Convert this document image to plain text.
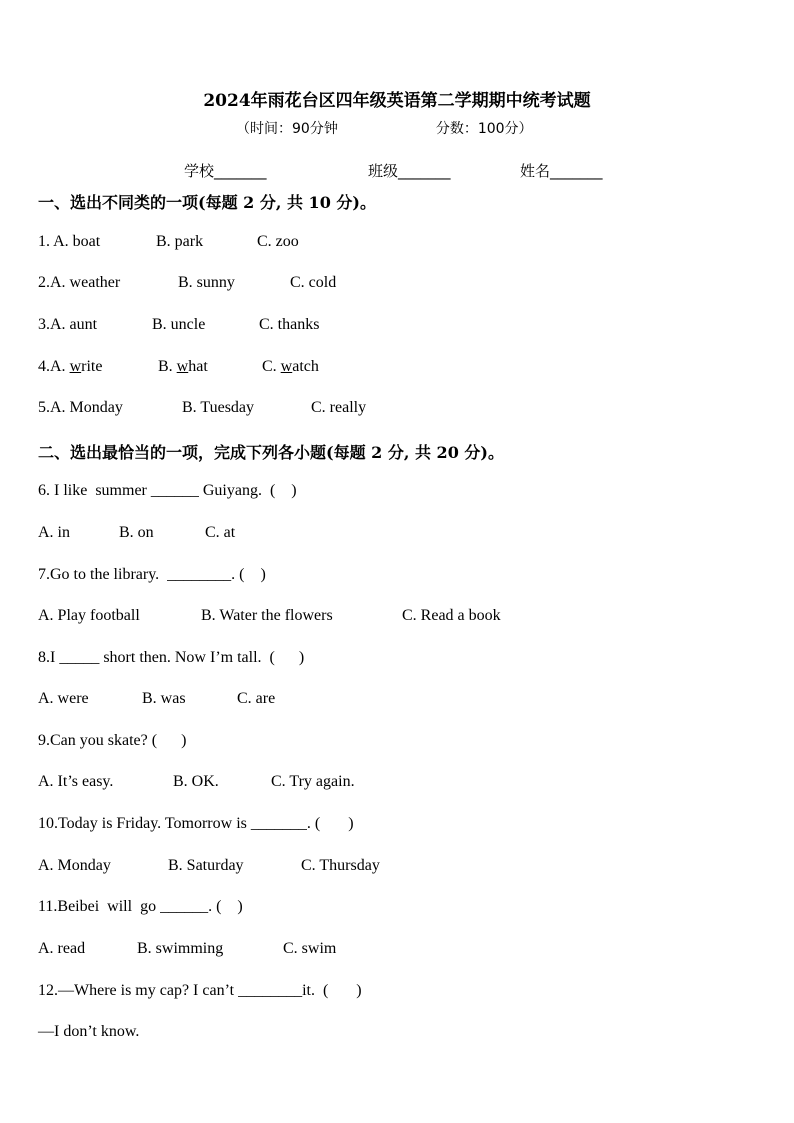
2024年雨花台区四年级英语第二学期期中统考试题
（时间：90分钟	分数：100分）
学校_______	班级_______	姓名_______
一、选出不同类的一项(每题 2 分, 共 10 分)。
1. A. boat	B. park	C. zoo
2.A. weather	B. sunny	C. cold
3.A. aunt	B. uncle	C. thanks
4.A. write	B. what	C. watch
5.A. Monday	B. Tuesday	C. really
二、选出最恰当的一项，完成下列各小题(每题 2 分, 共 20 分)。
6. I like  summer ______ Guiyang.  (    )
A. in	B. on	C. at
7.Go to the library.  ________. (    )
A. Play football	B. Water the flowers	C. Read a book
8.I _____ short then. Now I’m tall.  (      )
A. were	B. was	C. are
9.Can you skate? (      )
A. It’s easy.	B. OK.	C. Try again.
10.Today is Friday. Tomorrow is _______. (       )
A. Monday	B. Saturday	C. Thursday
11.Beibei  will  go ______. (    )
A. read	B. swimming	C. swim
12.—Where is my cap? I can’t ________it.  (       )
—I don’t know.
